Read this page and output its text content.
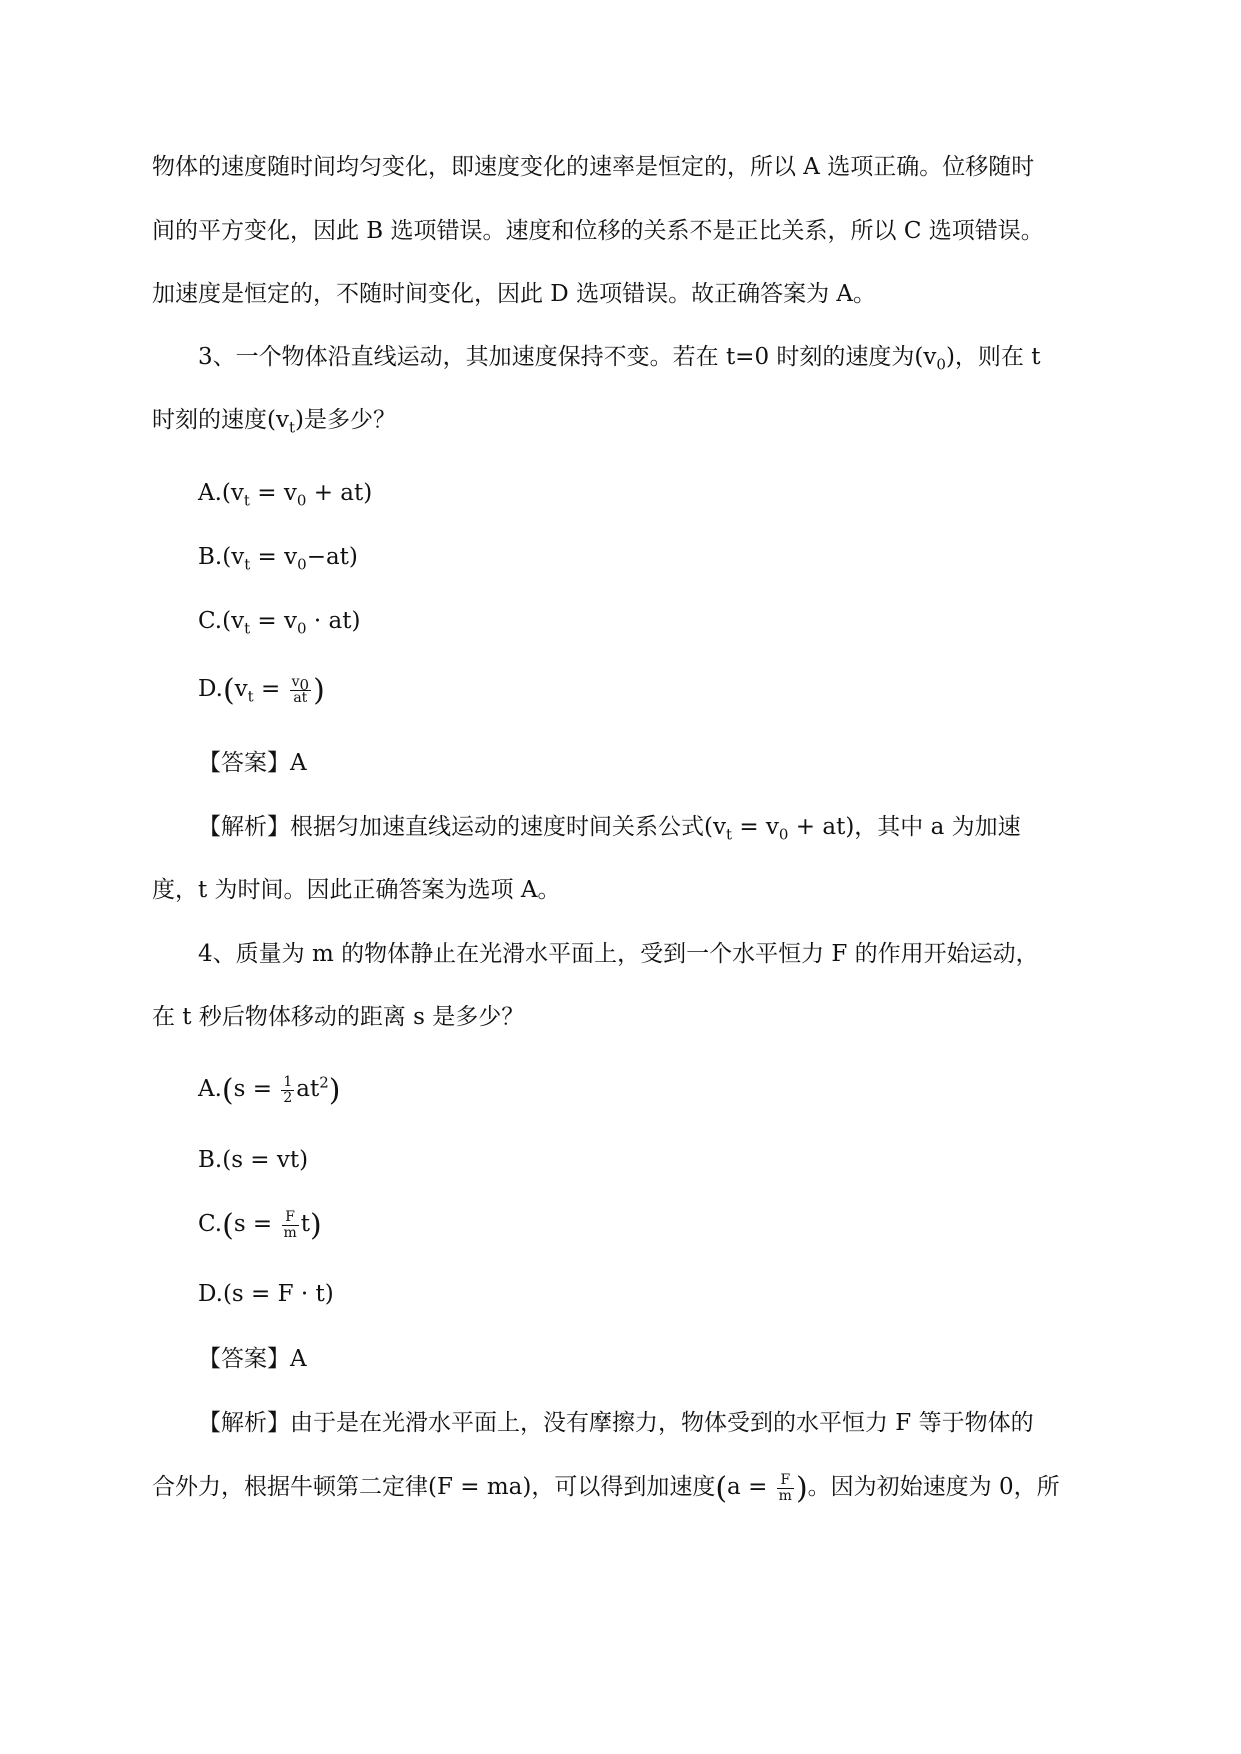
物体的速度随时间均匀变化，即速度变化的速率是恒定的，所以 A 选项正确。位移随时
间的平方变化，因此 B 选项错误。速度和位移的关系不是正比关系，所以 C 选项错误。
加速度是恒定的，不随时间变化，因此 D 选项错误。故正确答案为 A。
3、一个物体沿直线运动，其加速度保持不变。若在 t=0 时刻的速度为$(v_0)$，则在 t
时刻的速度$(v_t)$是多少？
$A.(v_t = v_0 + at)$
$B.(v_t = v_0-at)$
$C.(v_t = v_0 \cdot at)$
$D.(v_t = \frac{v_0}{at}$ )
【答案】A
【解析】根据匀加速直线运动的速度时间关系公式$(v_t = v_0 + at)$，其中 a 为加速
度，t 为时间。因此正确答案为选项 A。
4、质量为 m 的物体静止在光滑水平面上，受到一个水平恒力 F 的作用开始运动，
在 t 秒后物体移动的距离 s 是多少？
$A.(s = \frac{1}{2} at^2)$
B.(s = vt)
$C.(s = \frac{F}{m} t)$
D.(s = F · t)
【答案】A
【解析】由于是在光滑水平面上，没有摩擦力，物体受到的水平恒力 F 等于物体的
合外力，根据牛顿第二定律(F = ma)，可以得到加速度($a = \frac{F}{m}$ )。因为初始速度为 0，所
